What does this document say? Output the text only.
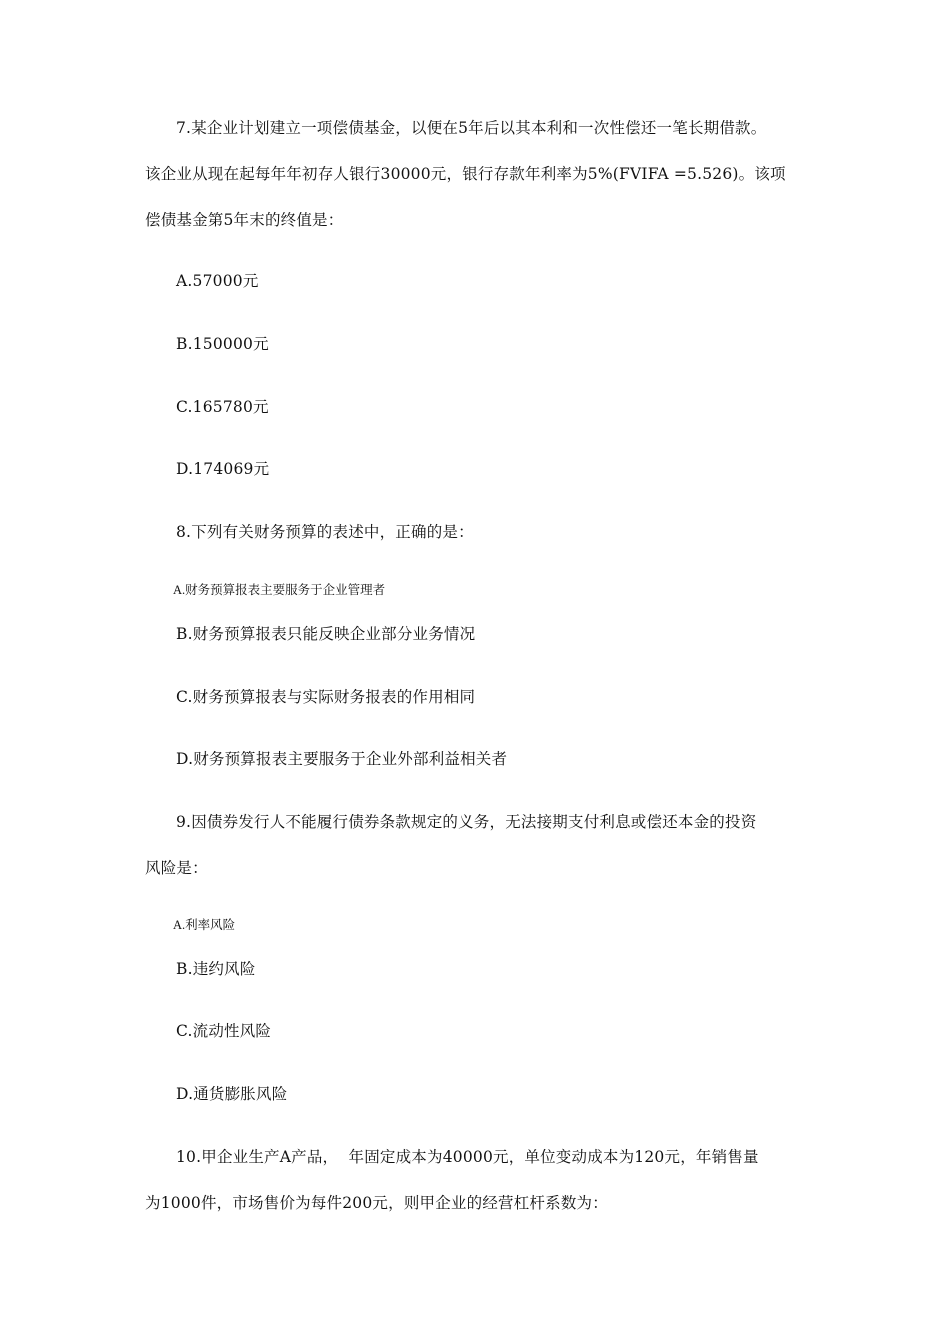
7.某企业计划建立一项偿债基金，以便在5年后以其本利和一次性偿还一笔长期借款。
该企业从现在起每年年初存人银行30000元，银行存款年利率为5%(FVIFA =5.526)。该项
偿债基金第5年末的终值是：
A.57000元
B.150000元
C.165780元
D.174069元
8.下列有关财务预算的表述中，正确的是：
A.财务预算报表主要服务于企业管理者
B.财务预算报表只能反映企业部分业务情况
C.财务预算报表与实际财务报表的作用相同
D.财务预算报表主要服务于企业外部利益相关者
9.因债券发行人不能履行债券条款规定的义务，无法接期支付利息或偿还本金的投资
风险是：
A.利率风险
B.违约风险
C.流动性风险
D.通货膨胀风险
10.甲企业生产A产品，  年固定成本为40000元，单位变动成本为120元，年销售量
为1000件，市场售价为每件200元，则甲企业的经营杠杆系数为：
